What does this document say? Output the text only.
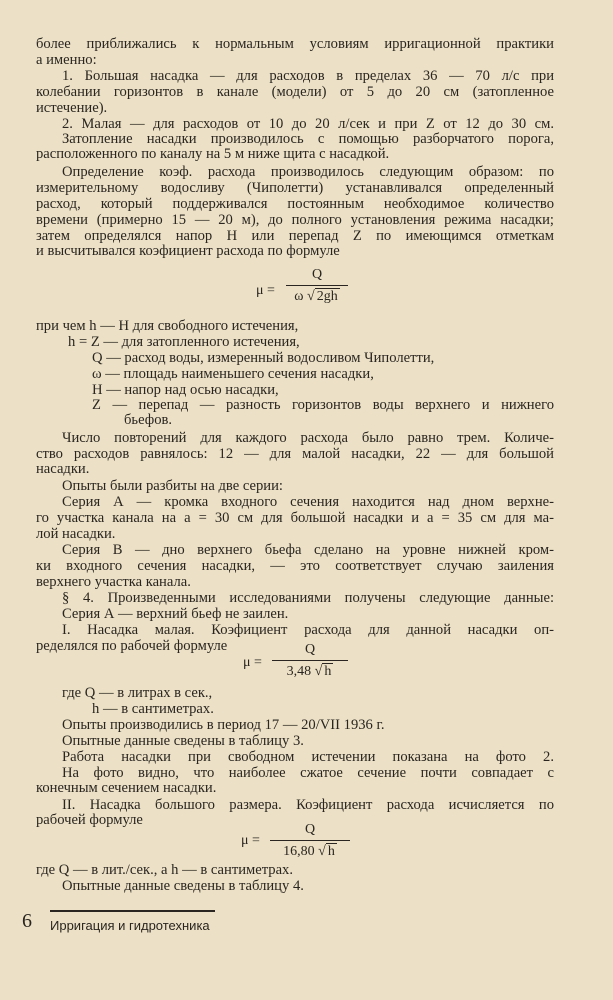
более приближались к нормальным условиям ирригационной практики
а именно:
1. Большая насадка — для расходов в пределах 36 — 70 л/с при
колебании горизонтов в канале (модели) от 5 до 20 см (затопленное
истечение).
2. Малая — для расходов от 10 до 20 л/сек и при Z от 12 до 30 см.
Затопление насадки производилось с помощью разборчатого порога,
расположенного по каналу на 5 м ниже щита с насадкой.
Определение коэф. расхода производилось следующим образом: по
измерительному водосливу (Чиполетти) устанавливался определенный
расход, который поддерживался постоянным необходимое количество
времени (примерно 15 — 20 м), до полного установления режима насадки;
затем определялся напор H или перепад Z по имеющимся отметкам
и высчитывался коэфициент расхода по формуле
μ =
Q
ω √ 2gh
при чем h — H для свободного истечения,
h = Z — для затопленного истечения,
Q — расход воды, измеренный водосливом Чиполетти,
ω — площадь наименьшего сечения насадки,
H — напор над осью насадки,
Z — перепад — разность горизонтов воды верхнего и нижнего
бьефов.
Число повторений для каждого расхода было равно трем. Количе-
ство расходов равнялось: 12 — для малой насадки, 22 — для большой
насадки.
Опыты были разбиты на две серии:
Серия А — кромка входного сечения находится над дном верхне-
го участка канала на a = 30 см для большой насадки и a = 35 см для ма-
лой насадки.
Серия В — дно верхнего бьефа сделано на уровне нижней кром-
ки входного сечения насадки, — это соответствует случаю заиления
верхнего участка канала.
§ 4. Произведенными исследованиями получены следующие данные:
Серия А — верхний бьеф не заилен.
I. Насадка малая. Коэфициент расхода для данной насадки оп-
ределялся по рабочей формуле
μ =
Q
3,48 √ h
где Q — в литрах в сек.,
h — в сантиметрах.
Опыты производились в период 17 — 20/VII 1936 г.
Опытные данные сведены в таблицу 3.
Работа насадки при свободном истечении показана на фото 2.
На фото видно, что наиболее сжатое сечение почти совпадает с
конечным сечением насадки.
II. Насадка большого размера. Коэфициент расхода исчисляется по
рабочей формуле
μ =
Q
16,80 √ h
где Q — в лит./сек., а h — в сантиметрах.
Опытные данные сведены в таблицу 4.
6 Ирригация и гидротехника
